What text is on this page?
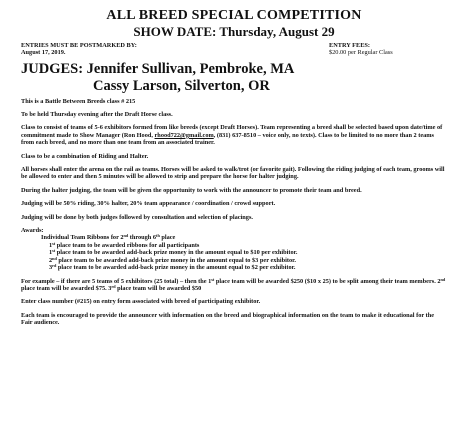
ALL BREED SPECIAL COMPETITION
SHOW DATE: Thursday, August 29
ENTRIES MUST BE POSTMARKED BY:
August 17, 2019.
ENTRY FEES:
$20.00 per Regular Class
JUDGES: Jennifer Sullivan, Pembroke, MA
Cassy Larson, Silverton, OR
This is a Battle Between Breeds class # 215
To be held Thursday evening after the Draft Horse class.
Class to consist of teams of 5-6 exhibitors formed from like breeds (except Draft Horses). Team representing a breed shall be selected based upon date/time of commitment made to Show Manager (Ron Hood, rhood722@gmail.com, (831) 637-8510 – voice only, no texts). Class to be limited to no more than 2 teams from each breed, and no more than one team from an associated trainer.
Class to be a combination of Riding and Halter.
All horses shall enter the arena on the rail as teams. Horses will be asked to walk/trot (or favorite gait). Following the riding judging of each team, grooms will be allowed to enter and then 5 minutes will be allowed to strip and prepare the horse for halter judging.
During the halter judging, the team will be given the opportunity to work with the announcer to promote their team and breed.
Judging will be 50% riding, 30% halter, 20% team appearance / coordination / crowd support.
Judging will be done by both judges followed by consultation and selection of placings.
Awards:
Individual Team Ribbons for 2nd through 6th place
1st place team to be awarded ribbons for all participants
1st place team to be awarded add-back prize money in the amount equal to $10 per exhibitor.
2nd place team to be awarded add-back prize money in the amount equal to $3 per exhibitor.
3rd place team to be awarded add-back prize money in the amount equal to $2 per exhibitor.
For example – if there are 5 teams of 5 exhibitors (25 total) – then the 1st place team will be awarded $250 ($10 x 25) to be split among their team members. 2nd place team will be awarded $75. 3rd place team will be awarded $50
Enter class number (#215) on entry form associated with breed of participating exhibitor.
Each team is encouraged to provide the announcer with information on the breed and biographical information on the team to make it educational for the Fair audience.
